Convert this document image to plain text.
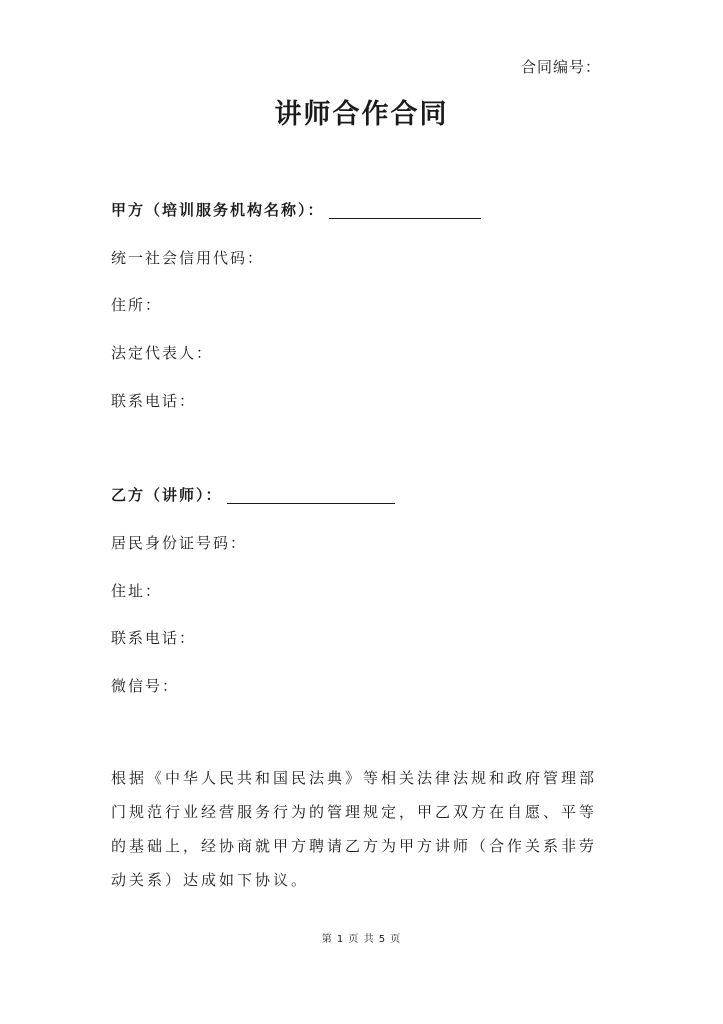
合同编号：
讲师合作合同
甲方（培训服务机构名称）：
统一社会信用代码：
住所：
法定代表人：
联系电话：
乙方（讲师）：
居民身份证号码：
住址：
联系电话：
微信号：
根据《中华人民共和国民法典》等相关法律法规和政府管理部门规范行业经营服务行为的管理规定，甲乙双方在自愿、平等的基础上，经协商就甲方聘请乙方为甲方讲师（合作关系非劳动关系）达成如下协议。
第 1 页 共 5 页
